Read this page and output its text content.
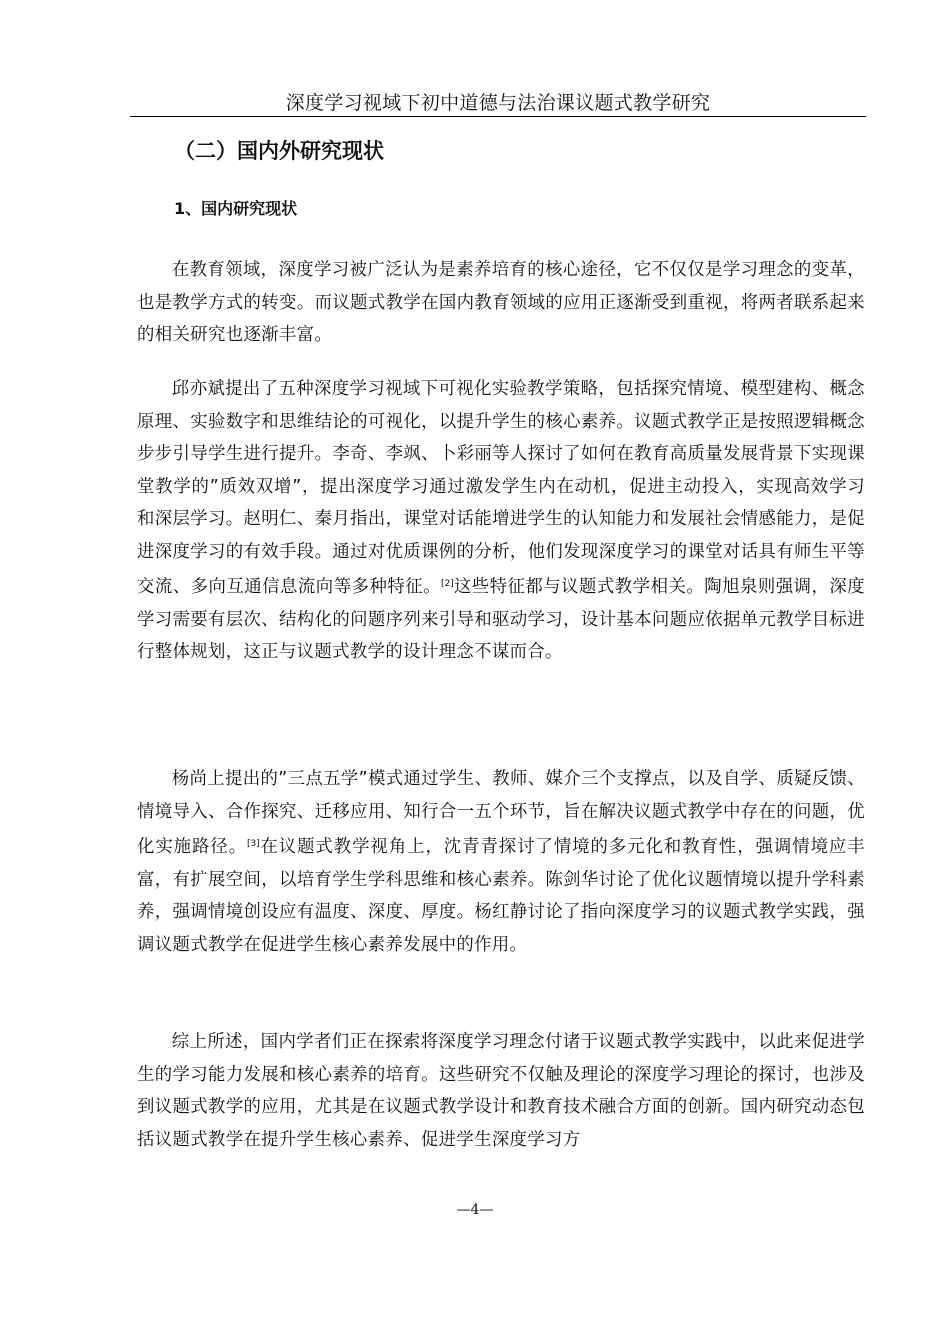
深度学习视域下初中道德与法治课议题式教学研究
（二）国内外研究现状
1、国内研究现状

在教育领域，深度学习被广泛认为是素养培育的核心途径，它不仅仅是学习理念的变革，也是教学方式的转变。而议题式教学在国内教育领域的应用正逐渐受到重视，将两者联系起来的相关研究也逐渐丰富。

邱亦斌提出了五种深度学习视域下可视化实验教学策略，包括探究情境、模型建构、概念原理、实验数字和思维结论的可视化，以提升学生的核心素养。议题式教学正是按照逻辑概念步步引导学生进行提升。李奇、李飒、卜彩丽等人探讨了如何在教育高质量发展背景下实现课堂教学的”质效双增”，提出深度学习通过激发学生内在动机，促进主动投入，实现高效学习和深层学习。赵明仁、秦月指出，课堂对话能增进学生的认知能力和发展社会情感能力，是促进深度学习的有效手段。通过对优质课例的分析，他们发现深度学习的课堂对话具有师生平等交流、多向互通信息流向等多种特征。[2]这些特征都与议题式教学相关。陶旭泉则强调，深度学习需要有层次、结构化的问题序列来引导和驱动学习，设计基本问题应依据单元教学目标进行整体规划，这正与议题式教学的设计理念不谋而合。

杨尚上提出的”三点五学”模式通过学生、教师、媒介三个支撑点，以及自学、质疑反馈、情境导入、合作探究、迁移应用、知行合一五个环节，旨在解决议题式教学中存在的问题，优化实施路径。[3]在议题式教学视角上，沈青青探讨了情境的多元化和教育性，强调情境应丰富，有扩展空间，以培育学生学科思维和核心素养。陈剑华讨论了优化议题情境以提升学科素养，强调情境创设应有温度、深度、厚度。杨红静讨论了指向深度学习的议题式教学实践，强调议题式教学在促进学生核心素养发展中的作用。

综上所述，国内学者们正在探索将深度学习理念付诸于议题式教学实践中，以此来促进学生的学习能力发展和核心素养的培育。这些研究不仅触及理论的深度学习理论的探讨，也涉及到议题式教学的应用，尤其是在议题式教学设计和教育技术融合方面的创新。国内研究动态包括议题式教学在提升学生核心素养、促进学生深度学习方

—4—
